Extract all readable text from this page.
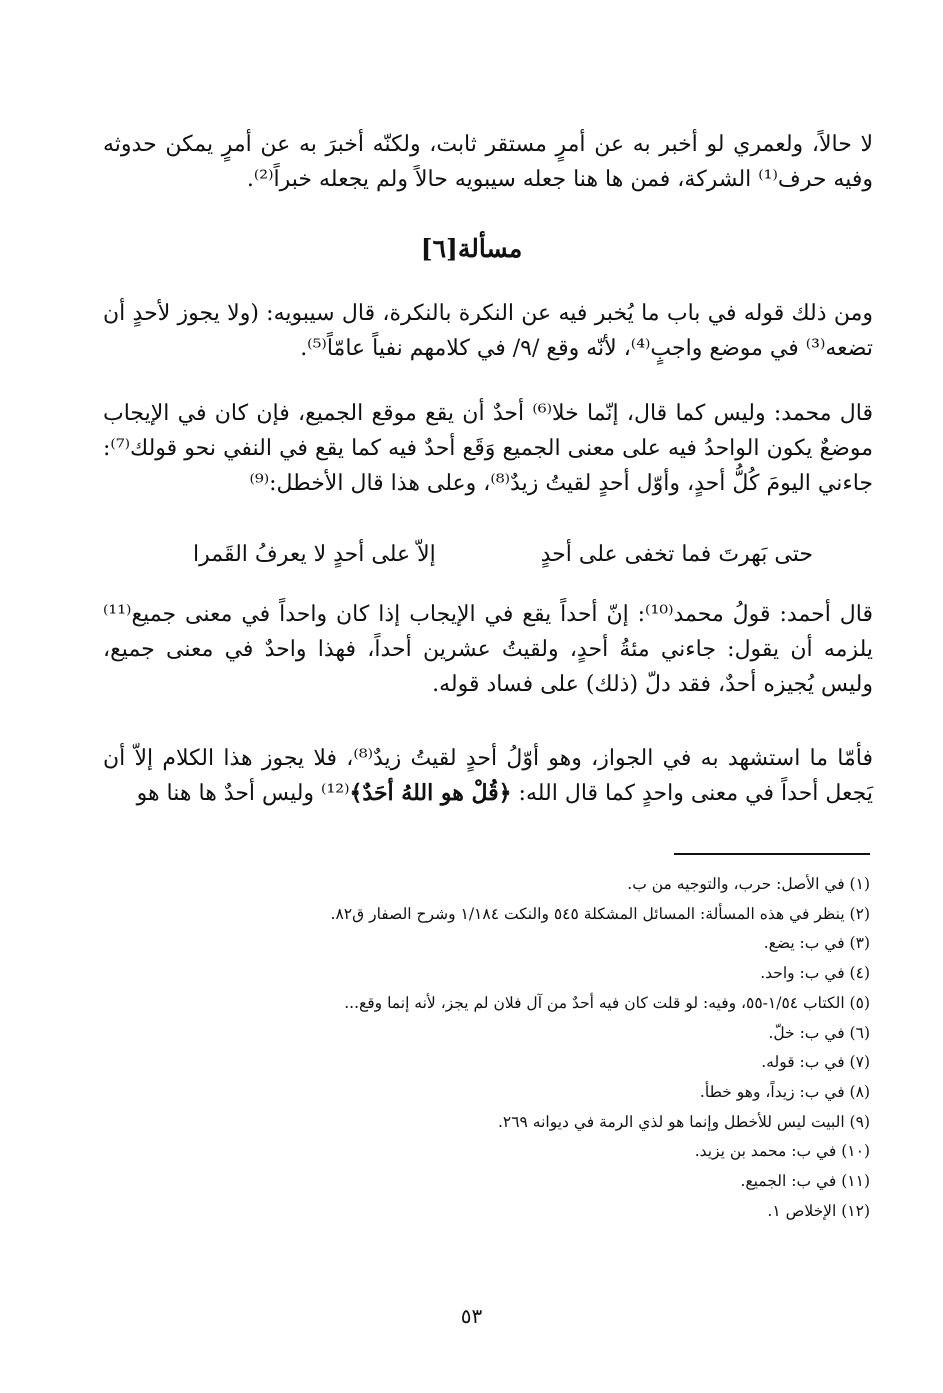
لا حالاً، ولعمري لو أخبر به عن أمرٍ مستقر ثابت، ولكنّه أخبرَ به عن أمرٍ يمكن حدوثه وفيه حرف⁽¹⁾ الشركة، فمن ها هنا جعله سيبويه حالاً ولم يجعله خبراً⁽²⁾.
مسألة[٦]
ومن ذلك قوله في باب ما يُخبر فيه عن النكرة بالنكرة، قال سيبويه: (ولا يجوز لأحدٍ أن تضعه⁽³⁾ في موضع واجبٍ⁽⁴⁾، لأنّه وقع /٩/ في كلامهم نفياً عامّاً⁽⁵⁾.
قال محمد: وليس كما قال، إنّما خلا⁽⁶⁾ أحدٌ أن يقع موقع الجميع، فإن كان في الإيجاب موضعٌ يكون الواحدُ فيه على معنى الجميع وَقَع أحدٌ فيه كما يقع في النفي نحو قولك⁽⁷⁾: جاءني اليومَ كُلُّ أحدٍ، وأوّل أحدٍ لقيتُ زيدٌ⁽⁸⁾، وعلى هذا قال الأخطل:⁽⁹⁾
حتى بَهرتَ فما تخفى على أحدٍ
إلاّ على أحدٍ لا يعرفُ القَمرا
قال أحمد: قولُ محمد⁽¹⁰⁾: إنّ أحداً يقع في الإيجاب إذا كان واحداً في معنى جميع⁽¹¹⁾ يلزمه أن يقول: جاءني مئةُ أحدٍ، ولقيتُ عشرين أحداً، فهذا واحدٌ في معنى جميع، وليس يُجيزه أحدٌ، فقد دلّ (ذلك) على فساد قوله.
فأمّا ما استشهد به في الجواز، وهو أوّلُ أحدٍ لقيتُ زيدٌ⁽⁸⁾، فلا يجوز هذا الكلام إلاّ أن يَجعل أحداً في معنى واحدٍ كما قال الله: ﴿قُلْ هو اللهُ أحَدٌ﴾⁽¹²⁾ وليس أحدٌ ها هنا هو
(١) في الأصل: حرب، والتوجيه من ب.
(٢) ينظر في هذه المسألة: المسائل المشكلة ٥٤٥ والنكت ١/١٨٤ وشرح الصفار ق٨٢.
(٣) في ب: يضع.
(٤) في ب: واحد.
(٥) الكتاب ١/٥٤-٥٥، وفيه: لو قلت كان فيه أحدٌ من آل فلان لم يجز، لأنه إنما وقع...
(٦) في ب: خلّ.
(٧) في ب: قوله.
(٨) في ب: زيداً، وهو خطأ.
(٩) البيت ليس للأخطل وإنما هو لذي الرمة في ديوانه ٢٦٩.
(١٠) في ب: محمد بن يزيد.
(١١) في ب: الجميع.
(١٢) الإخلاص ١.
٥٣
